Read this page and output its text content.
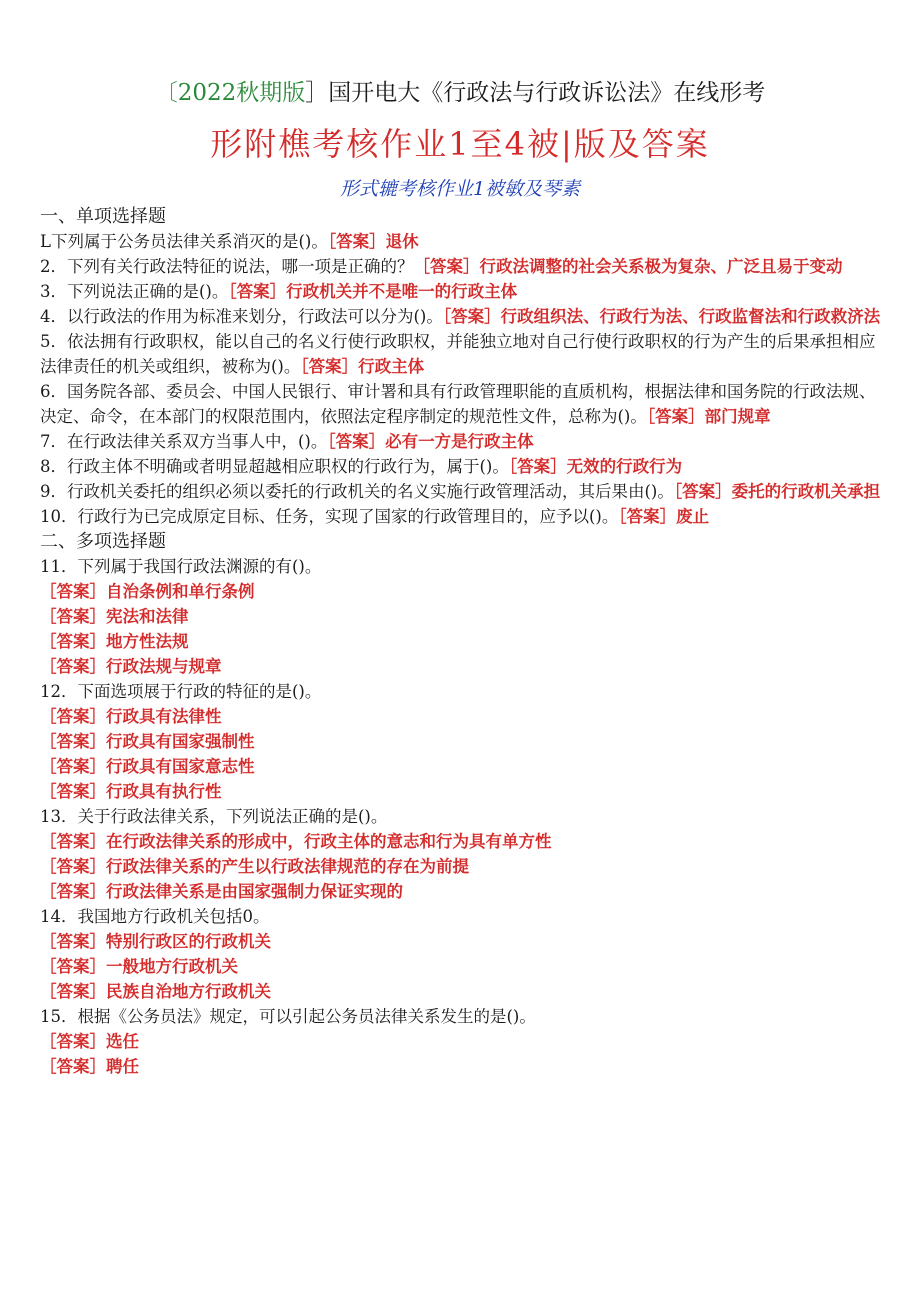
〔2022秋期版］国开电大《行政法与行政诉讼法》在线形考
形附樵考核作业1至4被|版及答案
形式辘考核作业1被敏及琴素

一、单项选择题

L下列属于公务员法律关系消灭的是()。［答案］退休

2．下列有关行政法特征的说法，哪一项是正确的？［答案］行政法调整的社会关系极为复杂、广泛且易于变动

3．下列说法正确的是()。［答案］行政机关并不是唯一的行政主体

4．以行政法的作用为标准来划分，行政法可以分为()。［答案］行政组织法、行政行为法、行政监督法和行政救济法

5．依法拥有行政职权，能以自己的名义行使行政职权，并能独立地对自己行使行政职权的行为产生的后果承担相应法律责任的机关或组织，被称为()。［答案］行政主体

6．国务院各部、委员会、中国人民银行、审计署和具有行政管理职能的直质机构，根据法律和国务院的行政法规、决定、命令，在本部门的权限范围内，依照法定程序制定的规范性文件，总称为()。［答案］部门规章

7．在行政法律关系双方当事人中，()。［答案］必有一方是行政主体

8．行政主体不明确或者明显超越相应职权的行政行为，属于()。［答案］无效的行政行为

9．行政机关委托的组织必须以委托的行政机关的名义实施行政管理活动，其后果由()。［答案］委托的行政机关承担

10．行政行为已完成原定目标、任务，实现了国家的行政管理目的，应予以()。［答案］废止

二、多项选择题

11．下列属于我国行政法渊源的有()。

［答案］自治条例和单行条例

［答案］宪法和法律

［答案］地方性法规

［答案］行政法规与规章

12．下面选项展于行政的特征的是()。

［答案］行政具有法律性

［答案］行政具有国家强制性

［答案］行政具有国家意志性

［答案］行政具有执行性

13．关于行政法律关系，下列说法正确的是()。

［答案］在行政法律关系的形成中，行政主体的意志和行为具有单方性

［答案］行政法律关系的产生以行政法律规范的存在为前提

［答案］行政法律关系是由国家强制力保证实现的

14．我国地方行政机关包括0。

［答案］特别行政区的行政机关

［答案］一般地方行政机关

［答案］民族自治地方行政机关

15．根据《公务员法》规定，可以引起公务员法律关系发生的是()。

［答案］选任

［答案］聘任
